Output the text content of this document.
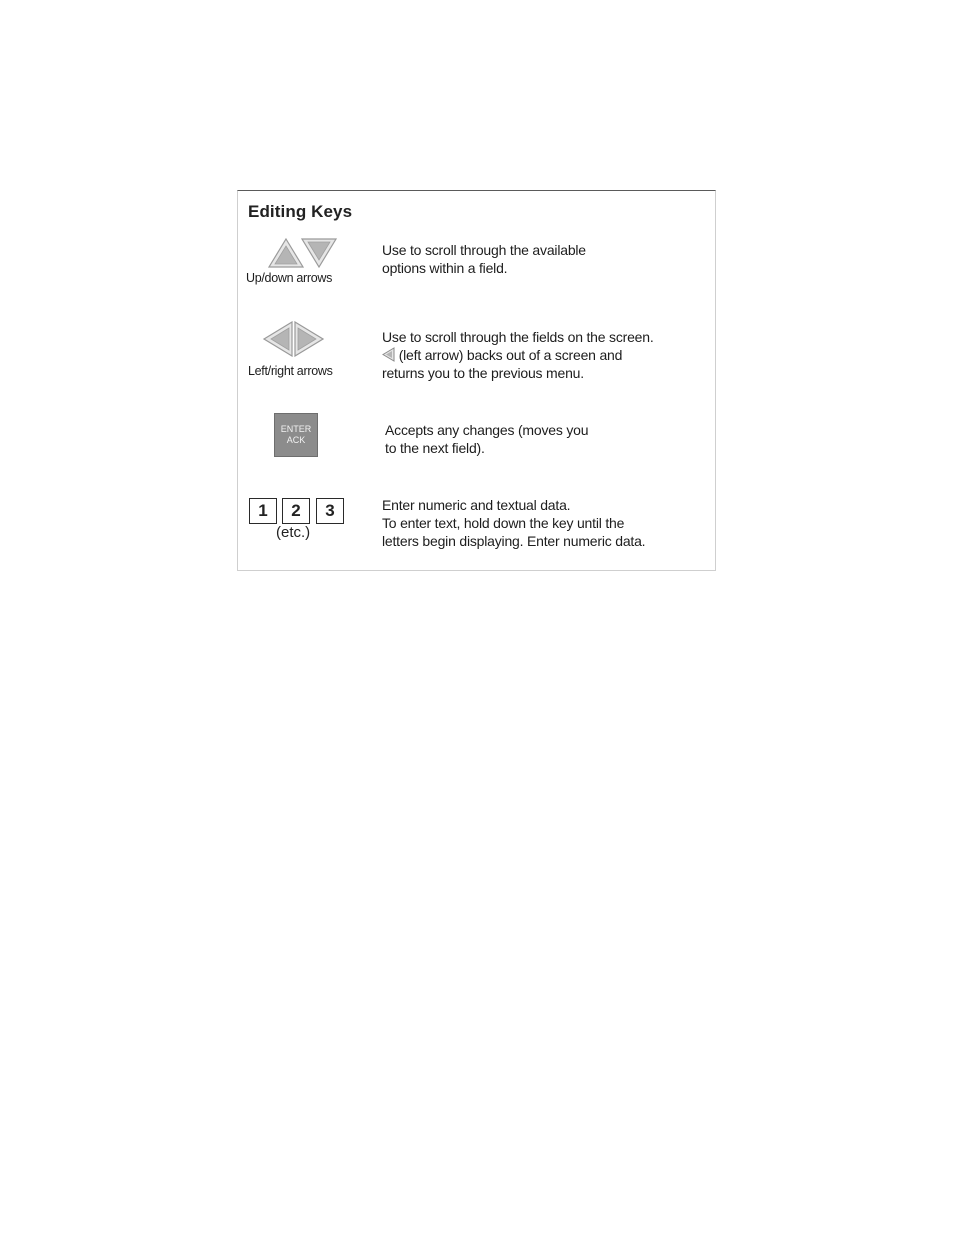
Editing Keys
Up/down arrows
Use to scroll through the available
options within a field.
Left/right arrows
Use to scroll through the fields on the screen.
(left arrow) backs out of a screen and
returns you to the previous menu.
ENTER
ACK
Accepts any changes (moves you
to the next field).
1	2	3
(etc.)
Enter numeric and textual data.
To enter text, hold down the key until the
letters begin displaying. Enter numeric data.
